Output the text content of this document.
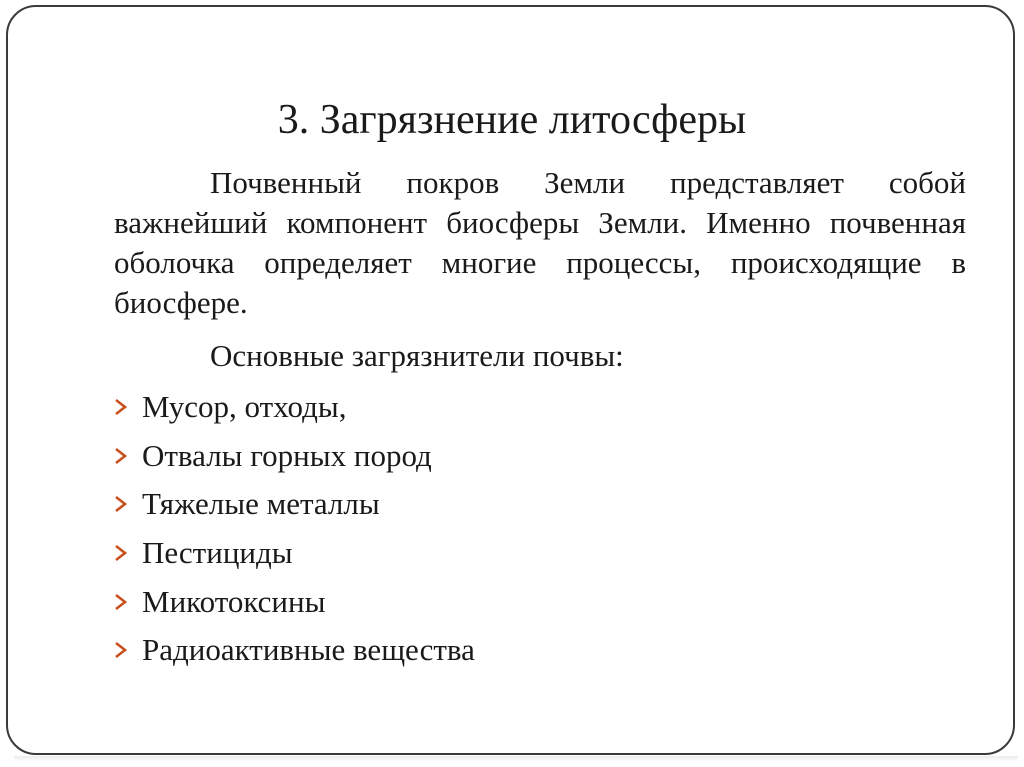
3. Загрязнение литосферы

Почвенный покров Земли представляет собой важнейший компонент биосферы Земли. Именно почвенная оболочка определяет многие процессы, происходящие в биосфере.

Основные загрязнители почвы:

Мусор, отходы,
Отвалы горных пород
Тяжелые металлы
Пестициды
Микотоксины
Радиоактивные вещества
